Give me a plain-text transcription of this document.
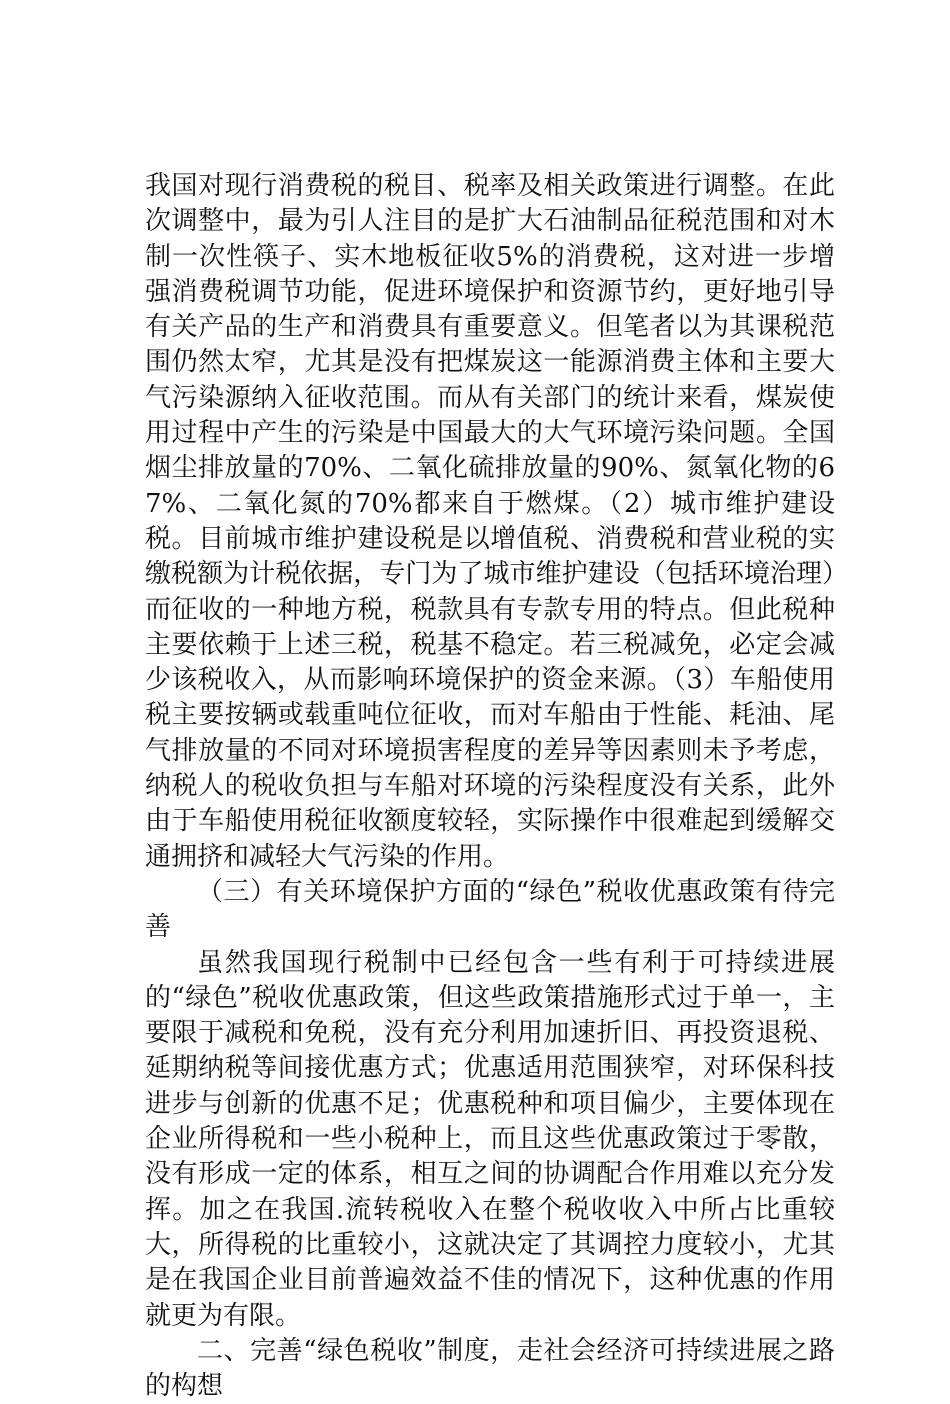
我国对现行消费税的税目、税率及相关政策进行调整。在此次调整中，最为引人注目的是扩大石油制品征税范围和对木制一次性筷子、实木地板征收5%的消费税，这对进一步增强消费税调节功能，促进环境保护和资源节约，更好地引导有关产品的生产和消费具有重要意义。但笔者以为其课税范围仍然太窄，尤其是没有把煤炭这一能源消费主体和主要大气污染源纳入征收范围。而从有关部门的统计来看，煤炭使用过程中产生的污染是中国最大的大气环境污染问题。全国烟尘排放量的70%、二氧化硫排放量的90%、氮氧化物的67%、二氧化氮的70%都来自于燃煤。（2）城市维护建设税。目前城市维护建设税是以增值税、消费税和营业税的实缴税额为计税依据，专门为了城市维护建设（包括环境治理）而征收的一种地方税，税款具有专款专用的特点。但此税种主要依赖于上述三税，税基不稳定。若三税减免，必定会减少该税收入，从而影响环境保护的资金来源。（3）车船使用税主要按辆或载重吨位征收，而对车船由于性能、耗油、尾气排放量的不同对环境损害程度的差异等因素则未予考虑，纳税人的税收负担与车船对环境的污染程度没有关系，此外由于车船使用税征收额度较轻，实际操作中很难起到缓解交通拥挤和减轻大气污染的作用。

（三）有关环境保护方面的“绿色”税收优惠政策有待完善

虽然我国现行税制中已经包含一些有利于可持续进展的“绿色”税收优惠政策，但这些政策措施形式过于单一，主要限于减税和免税，没有充分利用加速折旧、再投资退税、延期纳税等间接优惠方式；优惠适用范围狭窄，对环保科技进步与创新的优惠不足；优惠税种和项目偏少，主要体现在企业所得税和一些小税种上，而且这些优惠政策过于零散，没有形成一定的体系，相互之间的协调配合作用难以充分发挥。加之在我国.流转税收入在整个税收收入中所占比重较大，所得税的比重较小，这就决定了其调控力度较小，尤其是在我国企业目前普遍效益不佳的情况下，这种优惠的作用就更为有限。

二、完善“绿色税收”制度，走社会经济可持续进展之路的构想
